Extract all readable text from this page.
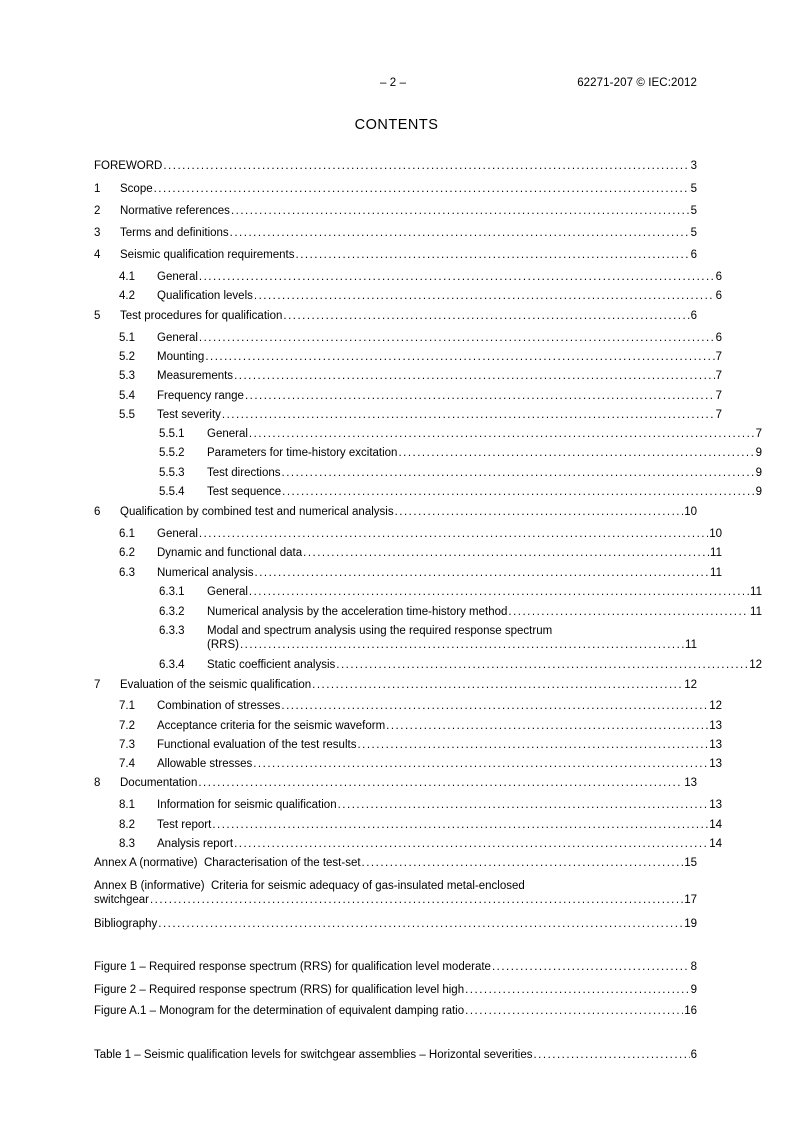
– 2 –	62271-207 © IEC:2012
CONTENTS
FOREWORD .....	3
1	Scope .....	5
2	Normative references .....	5
3	Terms and definitions .....	5
4	Seismic qualification requirements .....	6
4.1	General .....	6
4.2	Qualification levels .....	6
5	Test procedures for qualification .....	6
5.1	General .....	6
5.2	Mounting .....	7
5.3	Measurements .....	7
5.4	Frequency range .....	7
5.5	Test severity .....	7
5.5.1	General .....	7
5.5.2	Parameters for time-history excitation .....	9
5.5.3	Test directions .....	9
5.5.4	Test sequence .....	9
6	Qualification by combined test and numerical analysis .....	10
6.1	General .....	10
6.2	Dynamic and functional data .....	11
6.3	Numerical analysis .....	11
6.3.1	General .....	11
6.3.2	Numerical analysis by the acceleration time-history method .....	11
6.3.3	Modal and spectrum analysis using the required response spectrum
(RRS) .....	11
6.3.4	Static coefficient analysis .....	12
7	Evaluation of the seismic qualification .....	12
7.1	Combination of stresses .....	12
7.2	Acceptance criteria for the seismic waveform .....	13
7.3	Functional evaluation of the test results .....	13
7.4	Allowable stresses .....	13
8	Documentation .....	13
8.1	Information for seismic qualification .....	13
8.2	Test report .....	14
8.3	Analysis report .....	14
Annex A (normative)  Characterisation of the test-set .....	15
Annex B (informative)  Criteria for seismic adequacy of gas-insulated metal-enclosed
switchgear .....	17
Bibliography .....	19
Figure 1 – Required response spectrum (RRS) for qualification level moderate .....	8
Figure 2 – Required response spectrum (RRS) for qualification level high .....	9
Figure A.1 – Monogram for the determination of equivalent damping ratio .....	16
Table 1 – Seismic qualification levels for switchgear assemblies – Horizontal severities .....	6
